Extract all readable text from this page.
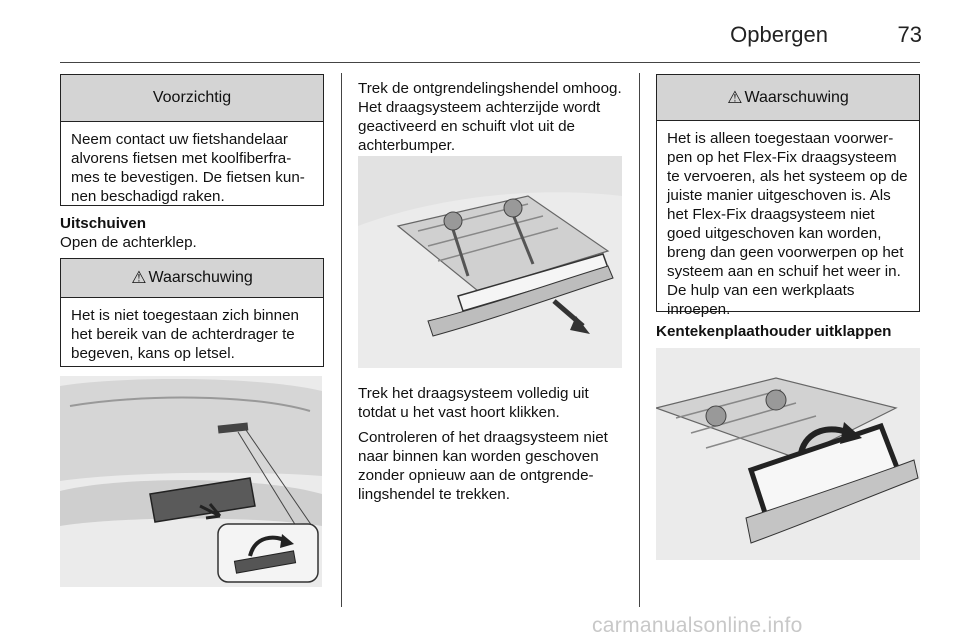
Opbergen	73
Voorzichtig
Neem contact uw fietshandelaar alvorens fietsen met koolfiberframes te bevestigen. De fietsen kunnen beschadigd raken.
Uitschuiven
Open de achterklep.
⚠ Waarschuwing
Het is niet toegestaan zich binnen het bereik van de achterdrager te begeven, kans op letsel.
Trek de ontgrendelingshendel omhoog. Het draagsysteem achterzijde wordt geactiveerd en schuift vlot uit de achterbumper.
Trek het draagsysteem volledig uit totdat u het vast hoort klikken.
Controleren of het draagsysteem niet naar binnen kan worden geschoven zonder opnieuw aan de ontgrendelingshendel te trekken.
⚠ Waarschuwing
Het is alleen toegestaan voorwerpen op het Flex-Fix draagsysteem te vervoeren, als het systeem op de juiste manier uitgeschoven is. Als het Flex-Fix draagsysteem niet goed uitgeschoven kan worden, breng dan geen voorwerpen op het systeem aan en schuif het weer in. De hulp van een werkplaats inroepen.
Kentekenplaathouder uitklappen
carmanualsonline.info
